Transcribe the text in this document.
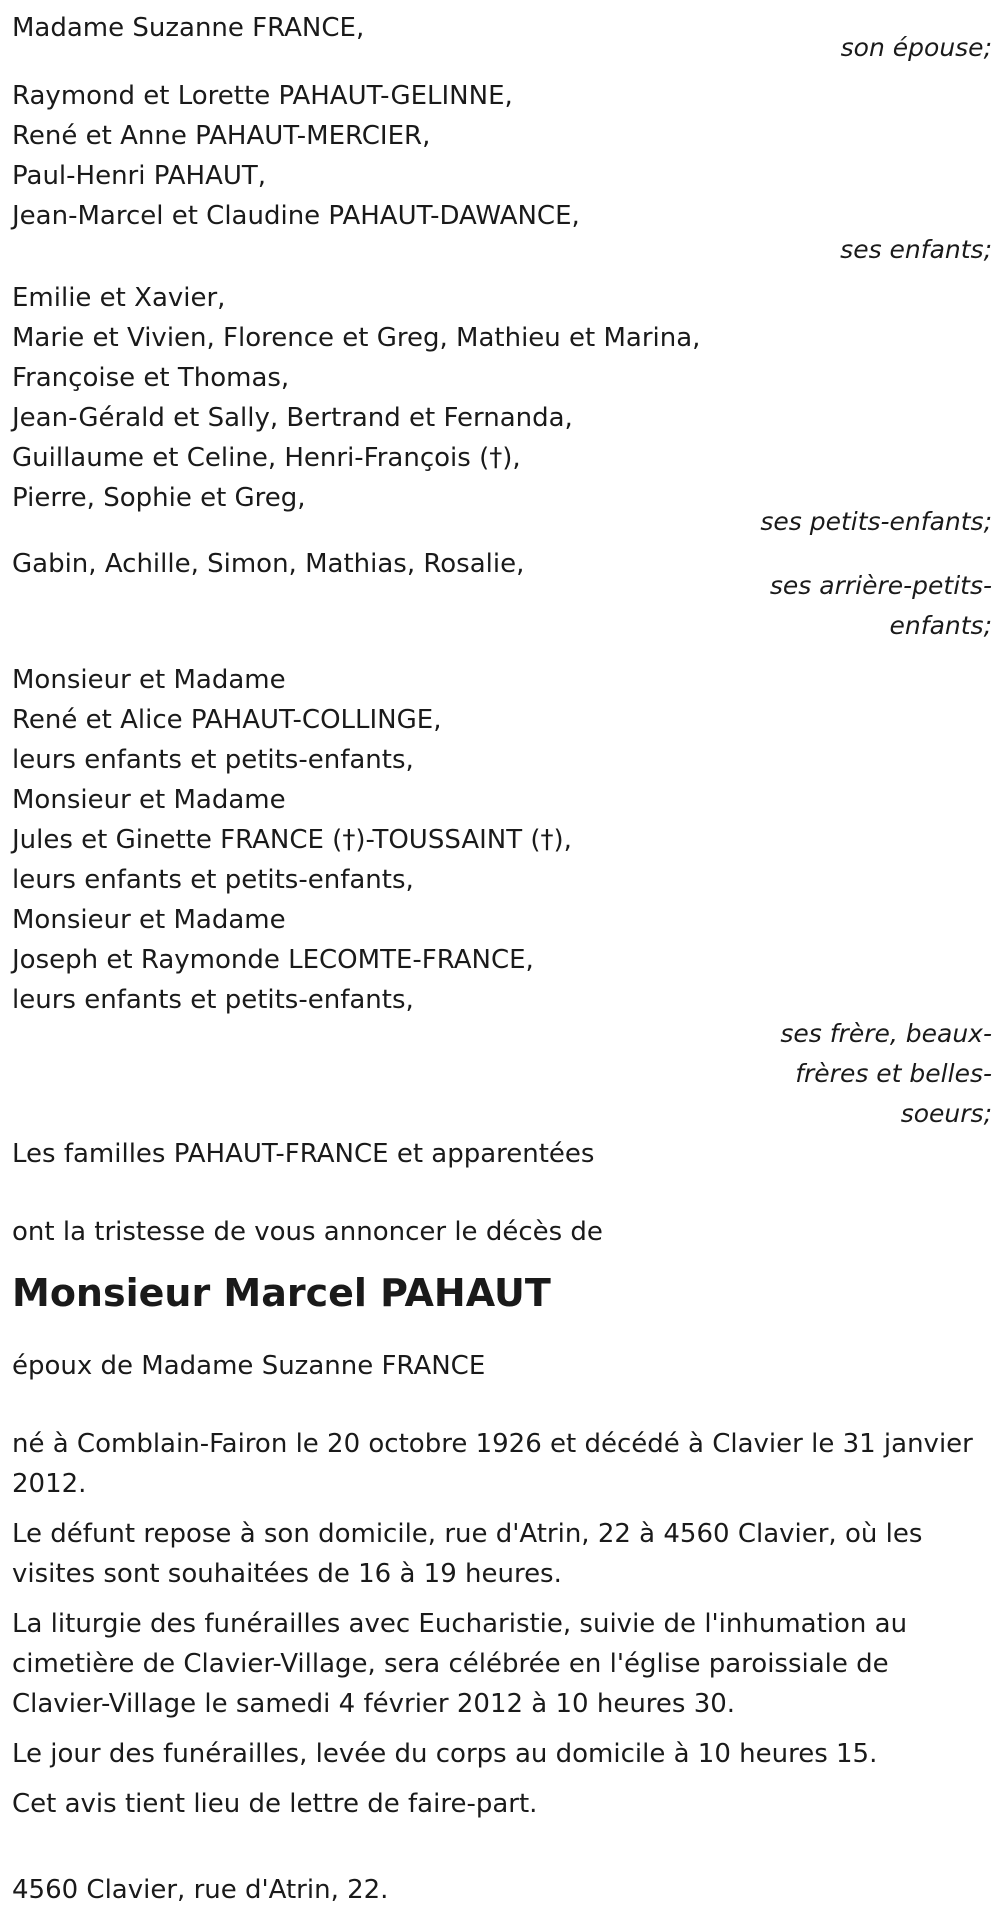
Madame Suzanne FRANCE,
son épouse;
Raymond et Lorette PAHAUT-GELINNE,
René et Anne PAHAUT-MERCIER,
Paul-Henri PAHAUT,
Jean-Marcel et Claudine PAHAUT-DAWANCE,
ses enfants;
Emilie et Xavier,
Marie et Vivien, Florence et Greg, Mathieu et Marina,
Françoise et Thomas,
Jean-Gérald et Sally, Bertrand et Fernanda,
Guillaume et Celine, Henri-François (†),
Pierre, Sophie et Greg,
ses petits-enfants;
Gabin, Achille, Simon, Mathias, Rosalie,
ses arrière-petits-enfants;
Monsieur et Madame
René et Alice PAHAUT-COLLINGE,
leurs enfants et petits-enfants,
Monsieur et Madame
Jules et Ginette FRANCE (†)-TOUSSAINT (†),
leurs enfants et petits-enfants,
Monsieur et Madame
Joseph et Raymonde LECOMTE-FRANCE,
leurs enfants et petits-enfants,
ses frère, beaux-frères et belles-soeurs;
Les familles PAHAUT-FRANCE et apparentées
ont la tristesse de vous annoncer le décès de
Monsieur Marcel PAHAUT
époux de Madame Suzanne FRANCE
né à Comblain-Fairon le 20 octobre 1926 et décédé à Clavier le 31 janvier 2012.
Le défunt repose à son domicile, rue d'Atrin, 22 à 4560 Clavier, où les visites sont souhaitées de 16 à 19 heures.
La liturgie des funérailles avec Eucharistie, suivie de l'inhumation au cimetière de Clavier-Village, sera célébrée en l'église paroissiale de Clavier-Village le samedi 4 février 2012 à 10 heures 30.
Le jour des funérailles, levée du corps au domicile à 10 heures 15.
Cet avis tient lieu de lettre de faire-part.
4560 Clavier, rue d'Atrin, 22.
